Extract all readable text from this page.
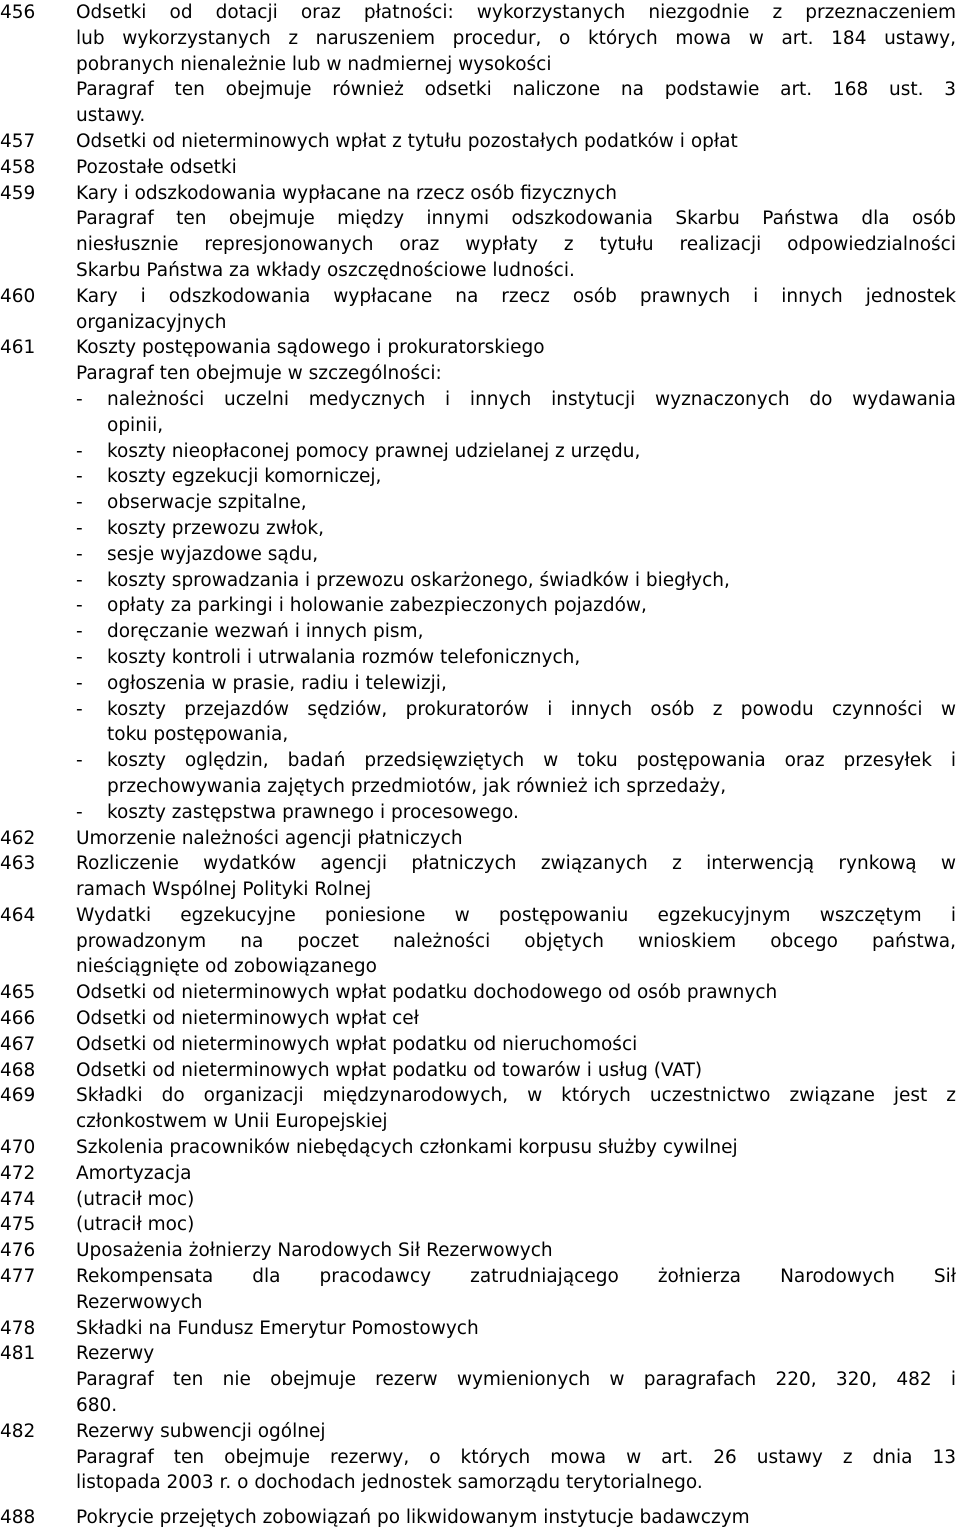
456	Odsetki od dotacji oraz płatności: wykorzystanych niezgodnie z przeznaczeniem
lub wykorzystanych z naruszeniem procedur, o których mowa w art. 184 ustawy,
pobranych nienależnie lub w nadmiernej wysokości
Paragraf ten obejmuje również odsetki naliczone na podstawie art. 168 ust. 3
ustawy.
457	Odsetki od nieterminowych wpłat z tytułu pozostałych podatków i opłat
458	Pozostałe odsetki
459	Kary i odszkodowania wypłacane na rzecz osób fizycznych
Paragraf ten obejmuje między innymi odszkodowania Skarbu Państwa dla osób
niesłusznie represjonowanych oraz wypłaty z tytułu realizacji odpowiedzialności
Skarbu Państwa za wkłady oszczędnościowe ludności.
460	Kary i odszkodowania wypłacane na rzecz osób prawnych i innych jednostek
organizacyjnych
461	Koszty postępowania sądowego i prokuratorskiego
Paragraf ten obejmuje w szczególności:
-	należności uczelni medycznych i innych instytucji wyznaczonych do wydawania
opinii,
-	koszty nieopłaconej pomocy prawnej udzielanej z urzędu,
-	koszty egzekucji komorniczej,
-	obserwacje szpitalne,
-	koszty przewozu zwłok,
-	sesje wyjazdowe sądu,
-	koszty sprowadzania i przewozu oskarżonego, świadków i biegłych,
-	opłaty za parkingi i holowanie zabezpieczonych pojazdów,
-	doręczanie wezwań i innych pism,
-	koszty kontroli i utrwalania rozmów telefonicznych,
-	ogłoszenia w prasie, radiu i telewizji,
-	koszty przejazdów sędziów, prokuratorów i innych osób z powodu czynności w
toku postępowania,
-	koszty oględzin, badań przedsięwziętych w toku postępowania oraz przesyłek i
przechowywania zajętych przedmiotów, jak również ich sprzedaży,
-	koszty zastępstwa prawnego i procesowego.
462	Umorzenie należności agencji płatniczych
463	Rozliczenie wydatków agencji płatniczych związanych z interwencją rynkową w
ramach Wspólnej Polityki Rolnej
464	Wydatki egzekucyjne poniesione w postępowaniu egzekucyjnym wszczętym i
prowadzonym na poczet należności objętych wnioskiem obcego państwa,
nieściągnięte od zobowiązanego
465	Odsetki od nieterminowych wpłat podatku dochodowego od osób prawnych
466	Odsetki od nieterminowych wpłat ceł
467	Odsetki od nieterminowych wpłat podatku od nieruchomości
468	Odsetki od nieterminowych wpłat podatku od towarów i usług (VAT)
469	Składki do organizacji międzynarodowych, w których uczestnictwo związane jest z
członkostwem w Unii Europejskiej
470	Szkolenia pracowników niebędących członkami korpusu służby cywilnej
472	Amortyzacja
474	(utracił moc)
475	(utracił moc)
476	Uposażenia żołnierzy Narodowych Sił Rezerwowych
477	Rekompensata dla pracodawcy zatrudniającego żołnierza Narodowych Sił
Rezerwowych
478	Składki na Fundusz Emerytur Pomostowych
481	Rezerwy
Paragraf ten nie obejmuje rezerw wymienionych w paragrafach 220, 320, 482 i
680.
482	Rezerwy subwencji ogólnej
Paragraf ten obejmuje rezerwy, o których mowa w art. 26 ustawy z dnia 13
listopada 2003 r. o dochodach jednostek samorządu terytorialnego.
488	Pokrycie przejętych zobowiązań po likwidowanym instytucje badawczym
